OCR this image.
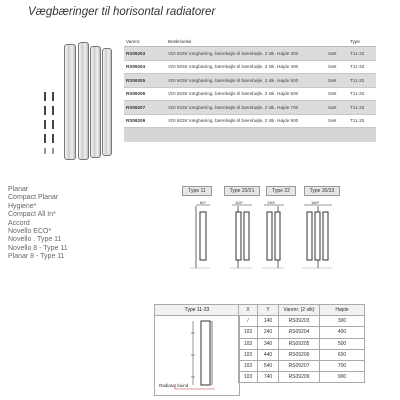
Vægbæringer til horisontal radiatorer
Varenr.	Beskrivelse		Type
RS09203	VDI 6036 Vægbæring, bærebøjle til bærebøjle, 2 stk. Højde 300	Sæt	T11-33
RS09204	VDI 6036 Vægbæring, bærebøjle til bærebøjle, 2 stk. Højde 400	Sæt	T11-33
RS09205	VDI 6036 Vægbæring, bærebøjle til bærebøjle, 2 stk. Højde 500	Sæt	T11-33
RS09206	VDI 6036 Vægbæring, bærebøjle til bærebøjle, 2 stk. Højde 600	Sæt	T11-33
RS09207	VDI 6036 Vægbæring, bærebøjle til bærebøjle, 2 stk. Højde 700	Sæt	T11-33
RS09209	VDI 6036 Vægbæring, bærebøjle til bærebøjle, 2 stk. Højde 900	Sæt	T11-33

Planar
Compact Planar
Hygiene*
Compact All In*
Accord
Novello ECO*
Novello . Type 11
Novello 8 - Type 11
Planar 8 - Type 11
Type 11	Type 20/21	Type 22	Type 30/33
80*	115*	130*	180*
Type 11-33
Radiator buind
X	Y	Varenr. (2 stk)	Højde
/	140	RS09203	300
103	240	RS09204	400
103	340	RS09205	500
103	440	RS09206	600
103	540	RS09207	700
103	740	RS09209	900
